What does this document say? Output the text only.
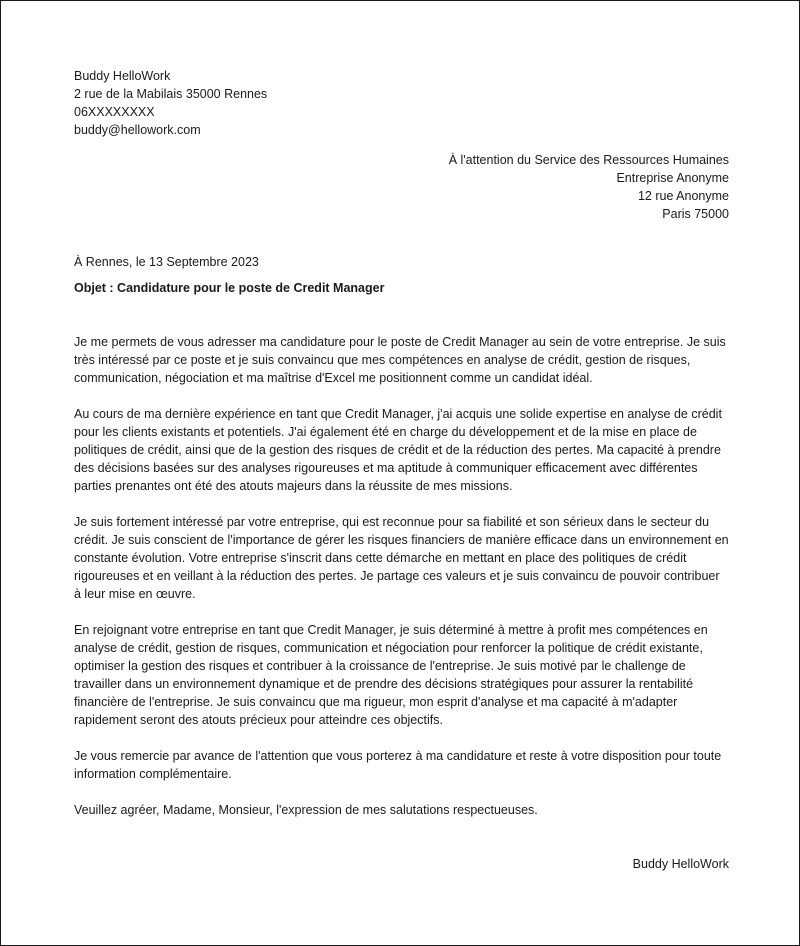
Buddy HelloWork

2 rue de la Mabilais 35000 Rennes

06XXXXXXXX

buddy@hellowork.com

À l'attention du Service des Ressources Humaines

Entreprise Anonyme

12 rue Anonyme

Paris 75000

À Rennes, le 13 Septembre 2023

Objet : Candidature pour le poste de Credit Manager

Je me permets de vous adresser ma candidature pour le poste de Credit Manager au sein de votre entreprise. Je suis très intéressé par ce poste et je suis convaincu que mes compétences en analyse de crédit, gestion de risques, communication, négociation et ma maîtrise d'Excel me positionnent comme un candidat idéal.

Au cours de ma dernière expérience en tant que Credit Manager, j'ai acquis une solide expertise en analyse de crédit pour les clients existants et potentiels. J'ai également été en charge du développement et de la mise en place de politiques de crédit, ainsi que de la gestion des risques de crédit et de la réduction des pertes. Ma capacité à prendre des décisions basées sur des analyses rigoureuses et ma aptitude à communiquer efficacement avec différentes parties prenantes ont été des atouts majeurs dans la réussite de mes missions.

Je suis fortement intéressé par votre entreprise, qui est reconnue pour sa fiabilité et son sérieux dans le secteur du crédit. Je suis conscient de l'importance de gérer les risques financiers de manière efficace dans un environnement en constante évolution. Votre entreprise s'inscrit dans cette démarche en mettant en place des politiques de crédit rigoureuses et en veillant à la réduction des pertes. Je partage ces valeurs et je suis convaincu de pouvoir contribuer à leur mise en œuvre.

En rejoignant votre entreprise en tant que Credit Manager, je suis déterminé à mettre à profit mes compétences en analyse de crédit, gestion de risques, communication et négociation pour renforcer la politique de crédit existante, optimiser la gestion des risques et contribuer à la croissance de l'entreprise. Je suis motivé par le challenge de travailler dans un environnement dynamique et de prendre des décisions stratégiques pour assurer la rentabilité financière de l'entreprise. Je suis convaincu que ma rigueur, mon esprit d'analyse et ma capacité à m'adapter rapidement seront des atouts précieux pour atteindre ces objectifs.

Je vous remercie par avance de l'attention que vous porterez à ma candidature et reste à votre disposition pour toute information complémentaire.

Veuillez agréer, Madame, Monsieur, l'expression de mes salutations respectueuses.

Buddy HelloWork
